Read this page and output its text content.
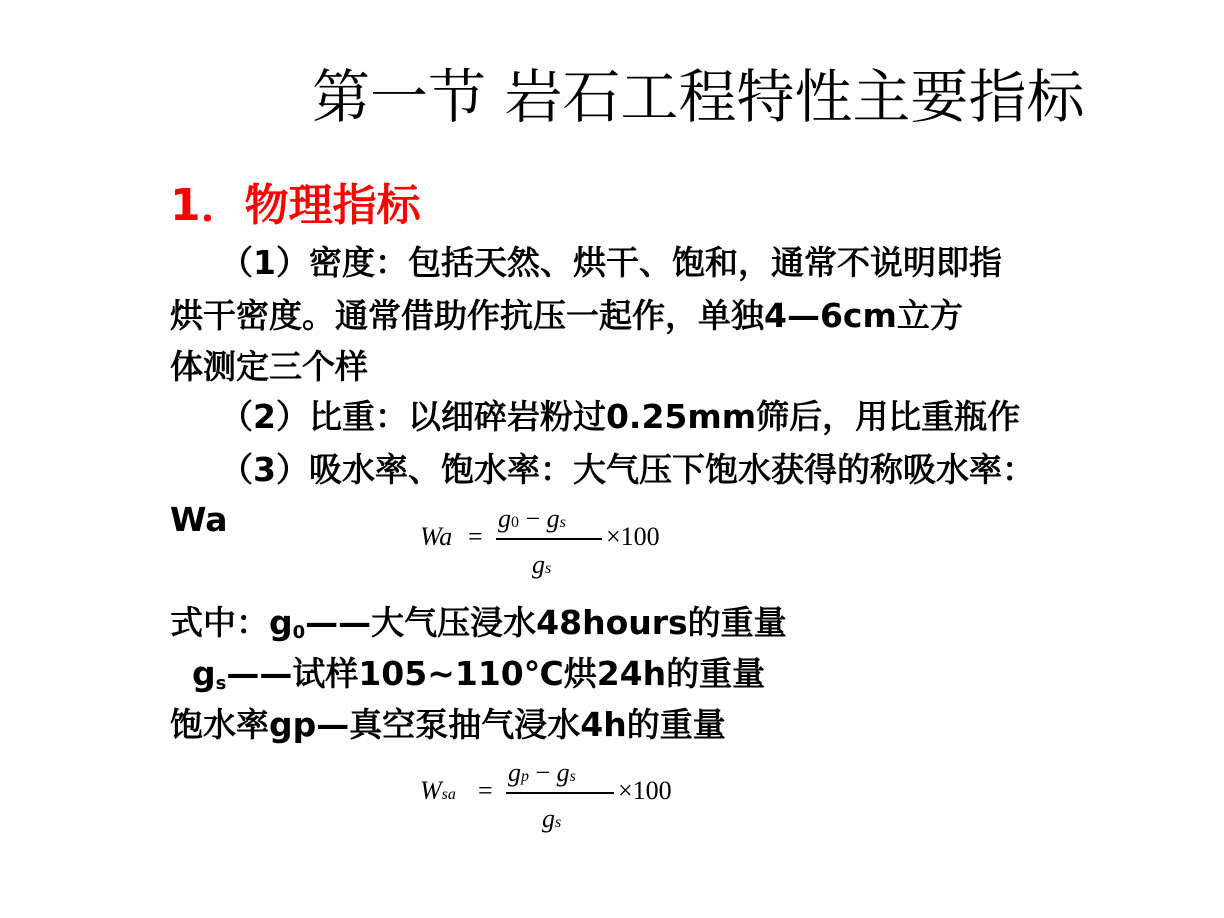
第一节 岩石工程特性主要指标
1．物理指标
（1）密度：包括天然、烘干、饱和，通常不说明即指
烘干密度。通常借助作抗压一起作，单独4—6cm立方
体测定三个样
（2）比重：以细碎岩粉过0.25mm筛后，用比重瓶作
（3）吸水率、饱水率：大气压下饱水获得的称吸水率：
Wa	Wa =
g0 − gs
gs
×100
式中：g0——大气压浸水48hours的重量
gs——试样105~110℃烘24h的重量
饱水率gp—真空泵抽气浸水4h的重量
Wsa =
gp − gs
gs
×100
